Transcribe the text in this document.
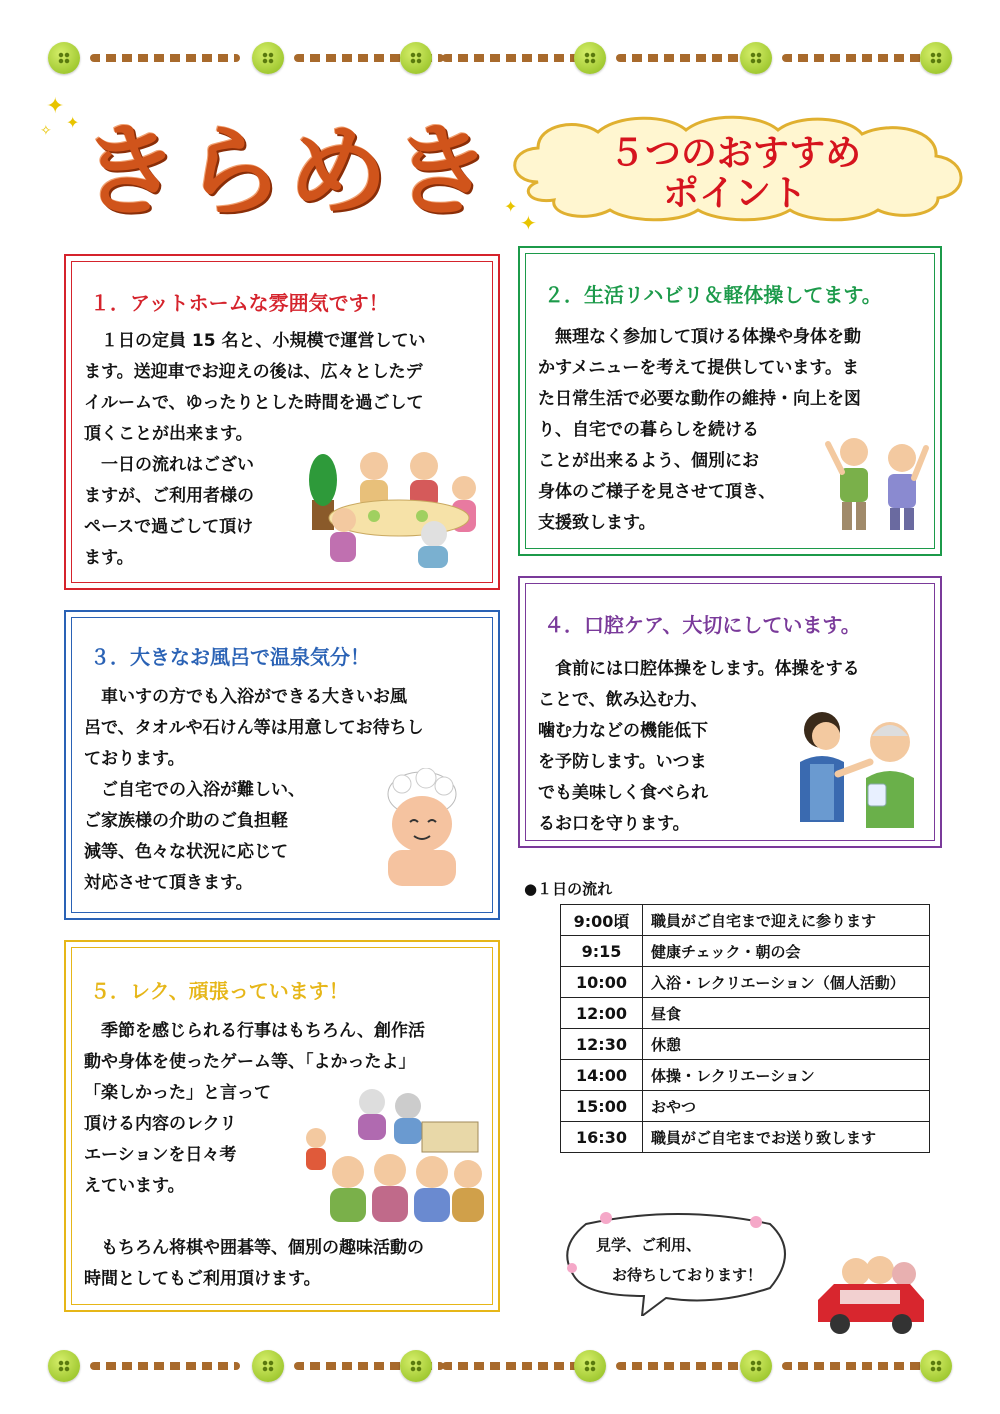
✦
✦
✧ きらめき ✦
✦
５つのおすすめ
ポイント
１．アットホームな雰囲気です！

　１日の定員 15 名と、小規模で運営してい
ます。送迎車でお迎えの後は、広々としたデ
イルームで、ゆったりとした時間を過ごして
頂くことが出来ます。
　一日の流れはござい
ますが、ご利用者様の
ペースで過ごして頂け
ます。

２．生活リハビリ＆軽体操してます。

　無理なく参加して頂ける体操や身体を動
かすメニューを考えて提供しています。ま
た日常生活で必要な動作の維持・向上を図
り、自宅での暮らしを続ける
ことが出来るよう、個別にお
身体のご様子を見させて頂き、
支援致します。

３．大きなお風呂で温泉気分！

　車いすの方でも入浴ができる大きいお風
呂で、タオルや石けん等は用意してお待ちし
ております。
　ご自宅での入浴が難しい、
ご家族様の介助のご負担軽
減等、色々な状況に応じて
対応させて頂きます。

４．口腔ケア、大切にしています。

　食前には口腔体操をします。体操をする
ことで、飲み込む力、
噛む力などの機能低下
を予防します。いつま
でも美味しく食べられ
るお口を守ります。

●１日の流れ
9:00頃	職員がご自宅まで迎えに参ります
9:15	健康チェック・朝の会
10:00	入浴・レクリエーション（個人活動）
12:00	昼食
12:30	休憩
14:00	体操・レクリエーション
15:00	おやつ
16:30	職員がご自宅までお送り致します
５．レク、頑張っています！

　季節を感じられる行事はもちろん、創作活
動や身体を使ったゲーム等、「よかったよ」
「楽しかった」と言って
頂ける内容のレクリ
エーションを日々考
えています。

　もちろん将棋や囲碁等、個別の趣味活動の
時間としてもご利用頂けます。

見学、ご利用、
お待ちしております！
